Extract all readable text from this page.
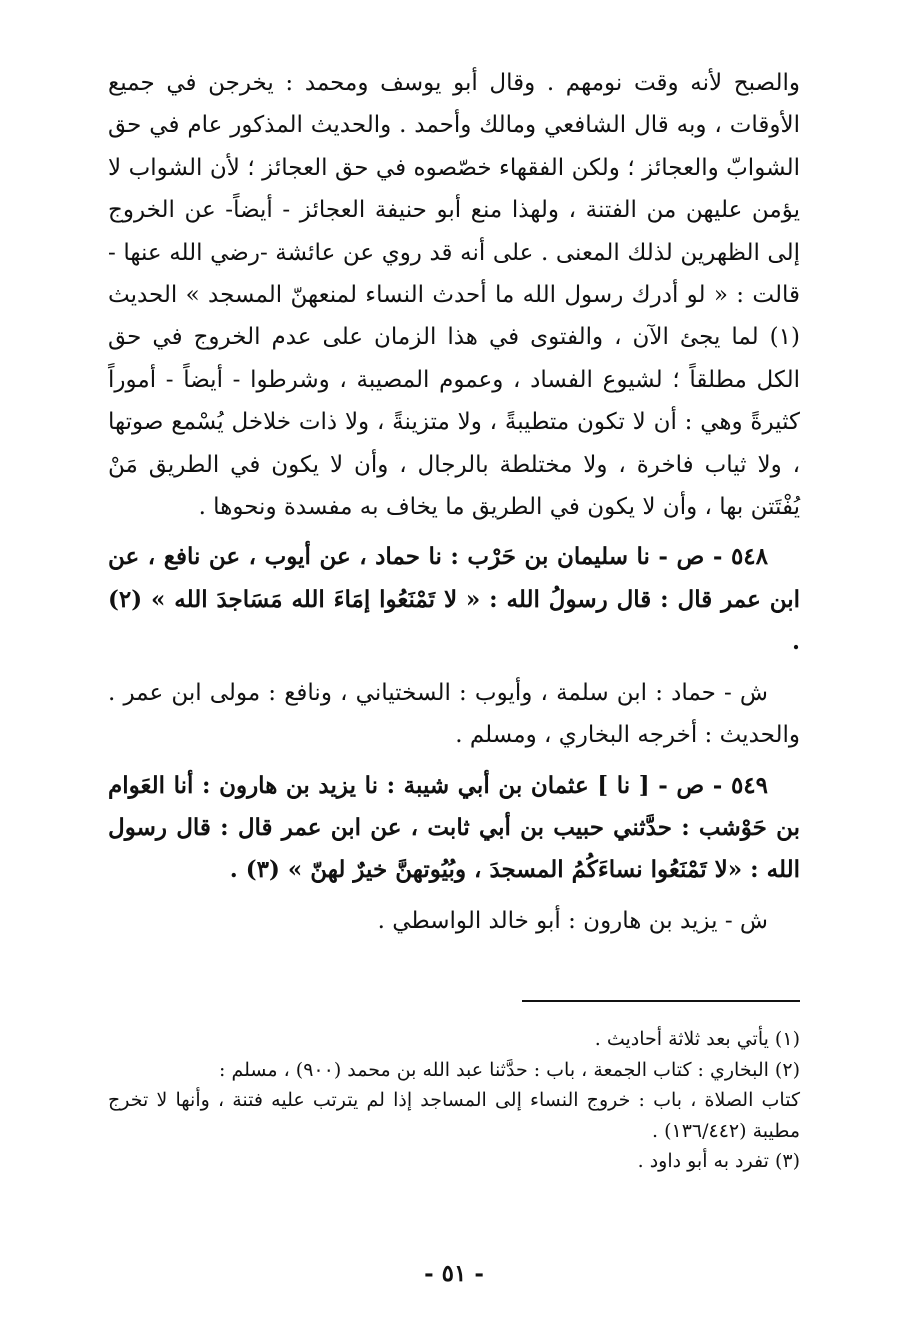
والصبح لأنه وقت نومهم . وقال أبو يوسف ومحمد : يخرجن في جميع الأوقات ، وبه قال الشافعي ومالك وأحمد . والحديث المذكور عام في حق الشوابّ والعجائز ؛ ولكن الفقهاء خصّصوه في حق العجائز ؛ لأن الشواب لا يؤمن عليهن من الفتنة ، ولهذا منع أبو حنيفة العجائز - أيضاً- عن الخروج إلى الظهرين لذلك المعنى . على أنه قد روي عن عائشة -رضي الله عنها - قالت : « لو أدرك رسول الله ما أحدث النساء لمنعهنّ المسجد » الحديث (١) لما يجئ الآن ، والفتوى في هذا الزمان على عدم الخروج في حق الكل مطلقاً ؛ لشيوع الفساد ، وعموم المصيبة ، وشرطوا - أيضاً - أموراً كثيرةً وهي : أن لا تكون متطيبةً ، ولا متزينةً ، ولا ذات خلاخل يُسْمع صوتها ، ولا ثياب فاخرة ، ولا مختلطة بالرجال ، وأن لا يكون في الطريق مَنْ يُفْتَتن بها ، وأن لا يكون في الطريق ما يخاف به مفسدة ونحوها .

٥٤٨ - ص - نا سليمان بن حَرْب : نا حماد ، عن أيوب ، عن نافع ، عن ابن عمر قال : قال رسولُ الله : « لا تَمْنَعُوا إمَاءَ الله مَسَاجدَ الله » (٢) .

ش - حماد : ابن سلمة ، وأيوب : السختياني ، ونافع : مولى ابن عمر . والحديث : أخرجه البخاري ، ومسلم .

٥٤٩ - ص - [ نا ] عثمان بن أبي شيبة : نا يزيد بن هارون : أنا العَوام بن حَوْشب : حدَّثني حبيب بن أبي ثابت ، عن ابن عمر قال : قال رسول الله : «لا تَمْنَعُوا نساءَكُمُ المسجدَ ، وبُيُوتهنَّ خيرٌ لهنّ » (٣) .

ش - يزيد بن هارون : أبو خالد الواسطي .

(١) يأتي بعد ثلاثة أحاديث .

(٢) البخاري : كتاب الجمعة ، باب : حدَّثنا عبد الله بن محمد (٩٠٠) ، مسلم :

كتاب الصلاة ، باب : خروج النساء إلى المساجد إذا لم يترتب عليه فتنة ، وأنها لا تخرج مطيبة (١٣٦/٤٤٢) .

(٣) تفرد به أبو داود .

- ٥١ -
